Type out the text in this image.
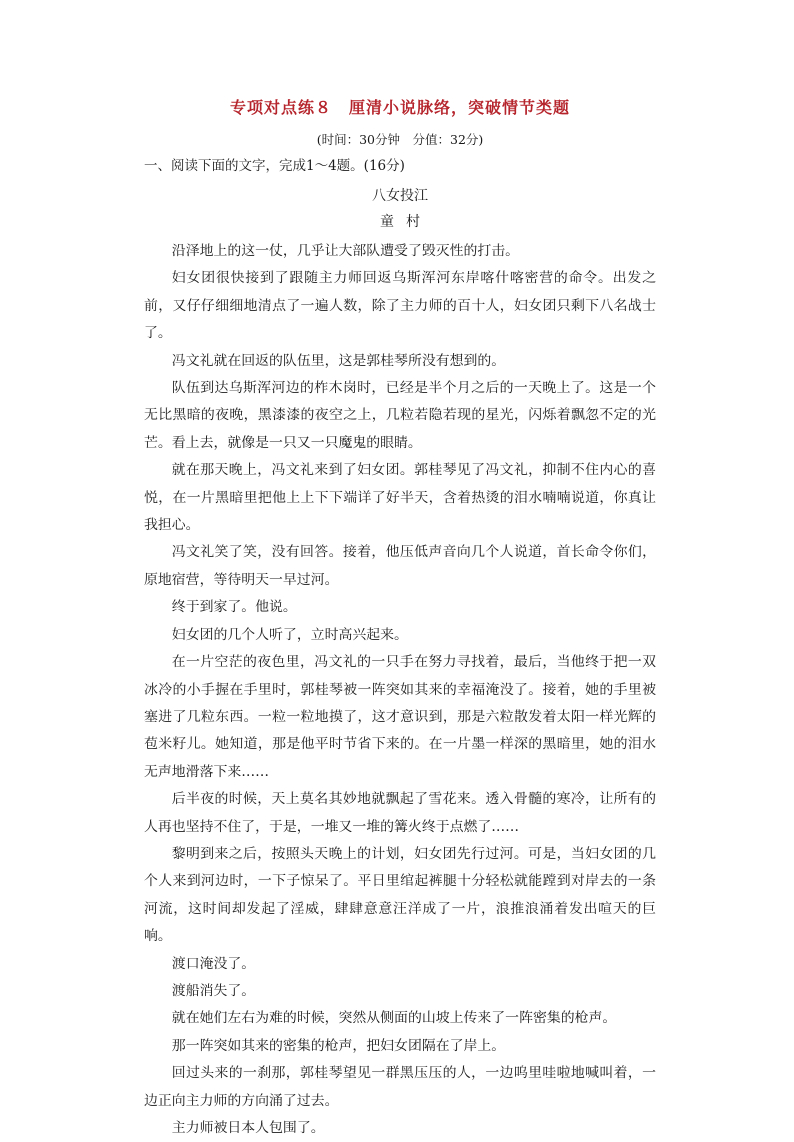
专项对点练８　厘清小说脉络，突破情节类题
(时间：30分钟　分值：32分)
一、阅读下面的文字，完成1～4题。(16分)
八女投江
童村

沿泽地上的这一仗，几乎让大部队遭受了毁灭性的打击。

妇女团很快接到了跟随主力师回返乌斯浑河东岸喀什喀密营的命令。出发之前，又仔仔细细地清点了一遍人数，除了主力师的百十人，妇女团只剩下八名战士了。

冯文礼就在回返的队伍里，这是郭桂琴所没有想到的。

队伍到达乌斯浑河边的柞木岗时，已经是半个月之后的一天晚上了。这是一个无比黑暗的夜晚，黑漆漆的夜空之上，几粒若隐若现的星光，闪烁着飘忽不定的光芒。看上去，就像是一只又一只魔鬼的眼睛。

就在那天晚上，冯文礼来到了妇女团。郭桂琴见了冯文礼，抑制不住内心的喜悦，在一片黑暗里把他上上下下端详了好半天，含着热烫的泪水喃喃说道，你真让我担心。

冯文礼笑了笑，没有回答。接着，他压低声音向几个人说道，首长命令你们，原地宿营，等待明天一早过河。

终于到家了。他说。

妇女团的几个人听了，立时高兴起来。

在一片空茫的夜色里，冯文礼的一只手在努力寻找着，最后，当他终于把一双冰冷的小手握在手里时，郭桂琴被一阵突如其来的幸福淹没了。接着，她的手里被塞进了几粒东西。一粒一粒地摸了，这才意识到，那是六粒散发着太阳一样光辉的苞米籽儿。她知道，那是他平时节省下来的。在一片墨一样深的黑暗里，她的泪水无声地滑落下来……

后半夜的时候，天上莫名其妙地就飘起了雪花来。透入骨髓的寒冷，让所有的人再也坚持不住了，于是，一堆又一堆的篝火终于点燃了……

黎明到来之后，按照头天晚上的计划，妇女团先行过河。可是，当妇女团的几个人来到河边时，一下子惊呆了。平日里绾起裤腿十分轻松就能蹚到对岸去的一条河流，这时间却发起了淫威，肆肆意意汪洋成了一片，浪推浪涌着发出喧天的巨响。

渡口淹没了。

渡船消失了。

就在她们左右为难的时候，突然从侧面的山坡上传来了一阵密集的枪声。

那一阵突如其来的密集的枪声，把妇女团隔在了岸上。

回过头来的一刹那，郭桂琴望见一群黑压压的人，一边呜里哇啦地喊叫着，一边正向主力师的方向涌了过去。

主力师被日本人包围了。
